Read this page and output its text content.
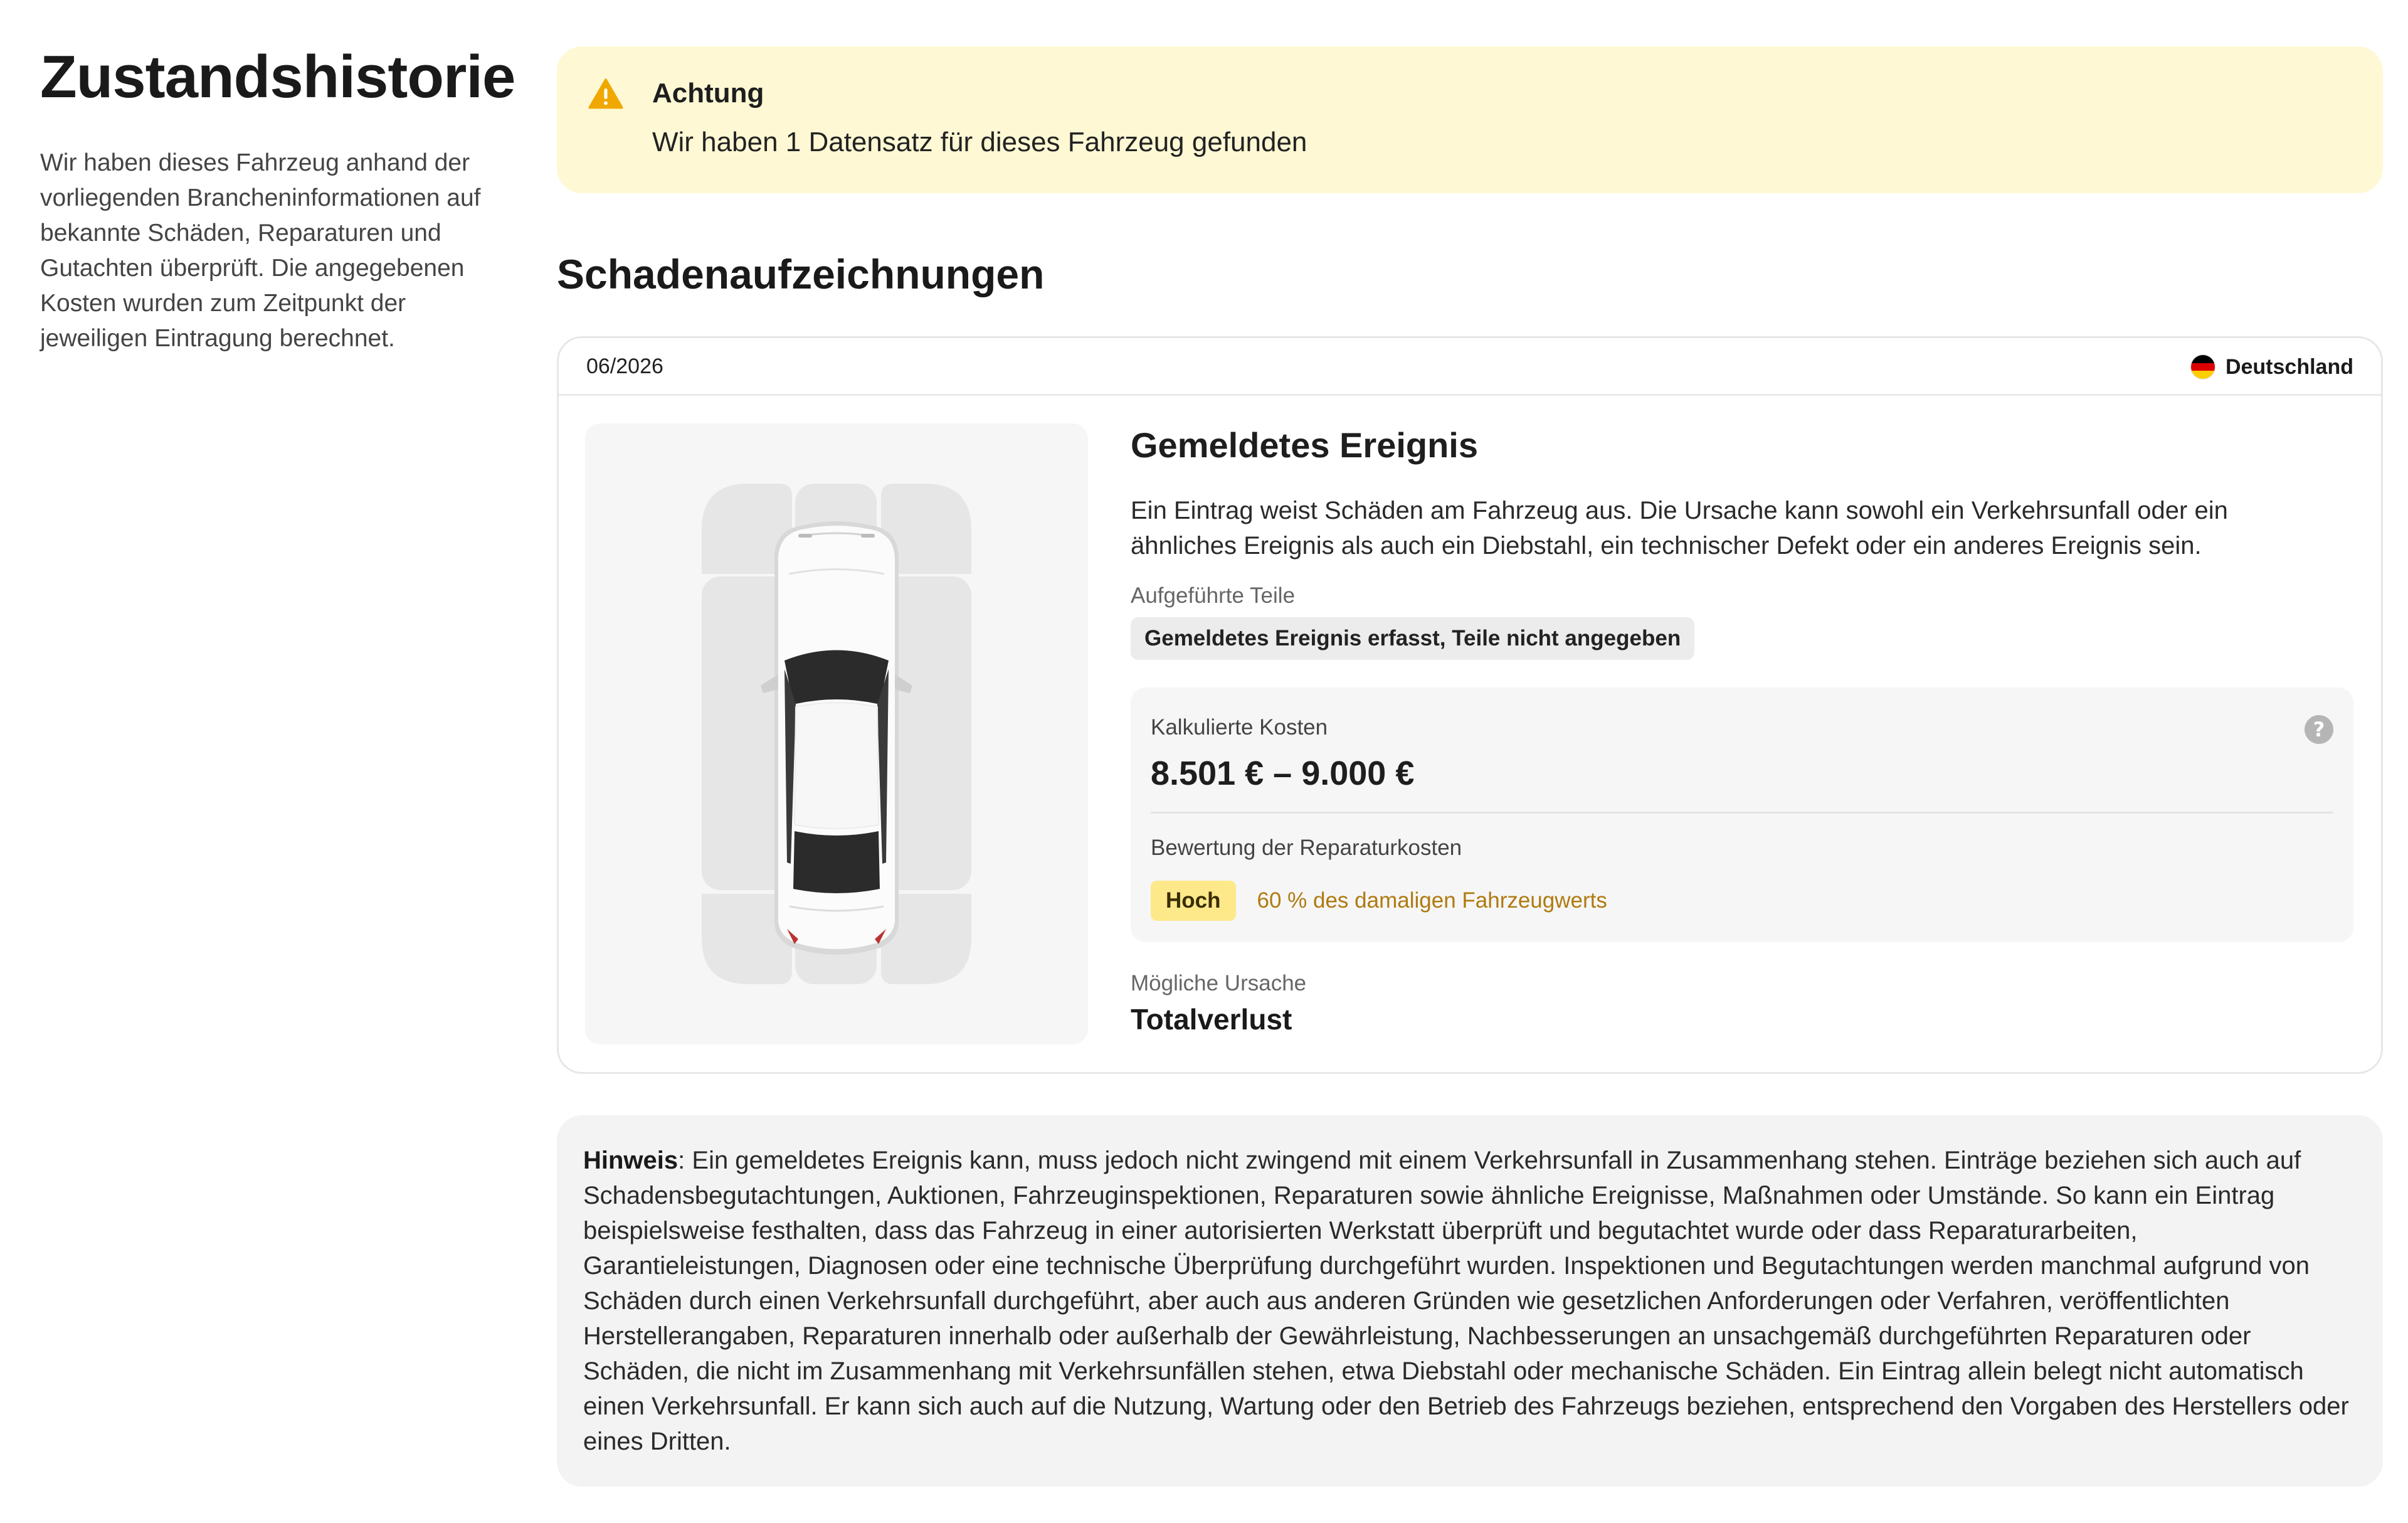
Zustandshistorie

Wir haben dieses Fahrzeug anhand der vorliegenden Brancheninformationen auf bekannte Schäden, Reparaturen und Gutachten überprüft. Die angegebenen Kosten wurden zum Zeitpunkt der jeweiligen Eintragung berechnet.

Achtung
Wir haben 1 Datensatz für dieses Fahrzeug gefunden
Schadenaufzeichnungen
06/2026	Deutschland
Gemeldetes Ereignis
Ein Eintrag weist Schäden am Fahrzeug aus. Die Ursache kann sowohl ein Verkehrsunfall oder ein ähnliches Ereignis als auch ein Diebstahl, ein technischer Defekt oder ein anderes Ereignis sein.
Aufgeführte Teile
Gemeldetes Ereignis erfasst, Teile nicht angegeben
Kalkulierte Kosten	?
8.501 € – 9.000 €
Bewertung der Reparaturkosten
Hoch	60 % des damaligen Fahrzeugwerts
Mögliche Ursache
Totalverlust
Hinweis: Ein gemeldetes Ereignis kann, muss jedoch nicht zwingend mit einem Verkehrsunfall in Zusammenhang stehen. Einträge beziehen sich auch auf Schadensbegutachtungen, Auktionen, Fahrzeuginspektionen, Reparaturen sowie ähnliche Ereignisse, Maßnahmen oder Umstände. So kann ein Eintrag beispielsweise festhalten, dass das Fahrzeug in einer autorisierten Werkstatt überprüft und begutachtet wurde oder dass Reparaturarbeiten, Garantieleistungen, Diagnosen oder eine technische Überprüfung durchgeführt wurden. Inspektionen und Begutachtungen werden manchmal aufgrund von Schäden durch einen Verkehrsunfall durchgeführt, aber auch aus anderen Gründen wie gesetzlichen Anforderungen oder Verfahren, veröffentlichten Herstellerangaben, Reparaturen innerhalb oder außerhalb der Gewährleistung, Nachbesserungen an unsachgemäß durchgeführten Reparaturen oder Schäden, die nicht im Zusammenhang mit Verkehrsunfällen stehen, etwa Diebstahl oder mechanische Schäden. Ein Eintrag allein belegt nicht automatisch einen Verkehrsunfall. Er kann sich auch auf die Nutzung, Wartung oder den Betrieb des Fahrzeugs beziehen, entsprechend den Vorgaben des Herstellers oder eines Dritten.
